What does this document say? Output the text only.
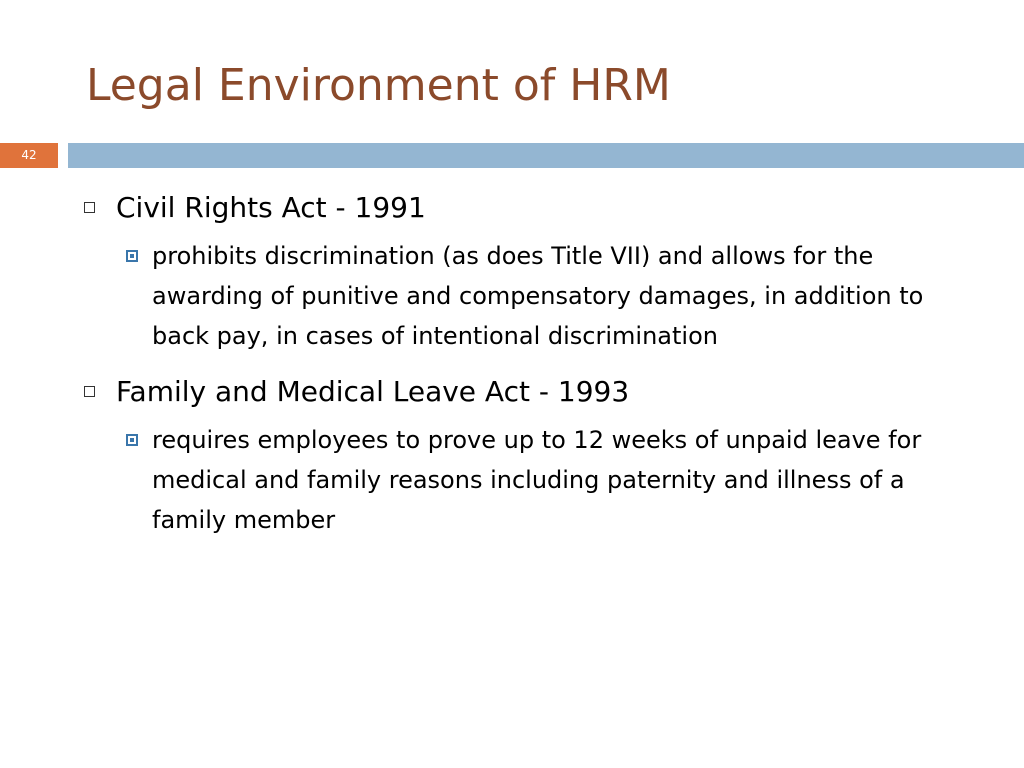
Legal Environment of HRM
42
Civil Rights Act - 1991
prohibits discrimination (as does Title VII) and allows for the awarding of punitive and compensatory damages, in addition to back pay, in cases of intentional discrimination
Family and Medical Leave Act - 1993
requires employees to prove up to 12 weeks of unpaid leave for medical and family reasons including paternity and illness of a family member
